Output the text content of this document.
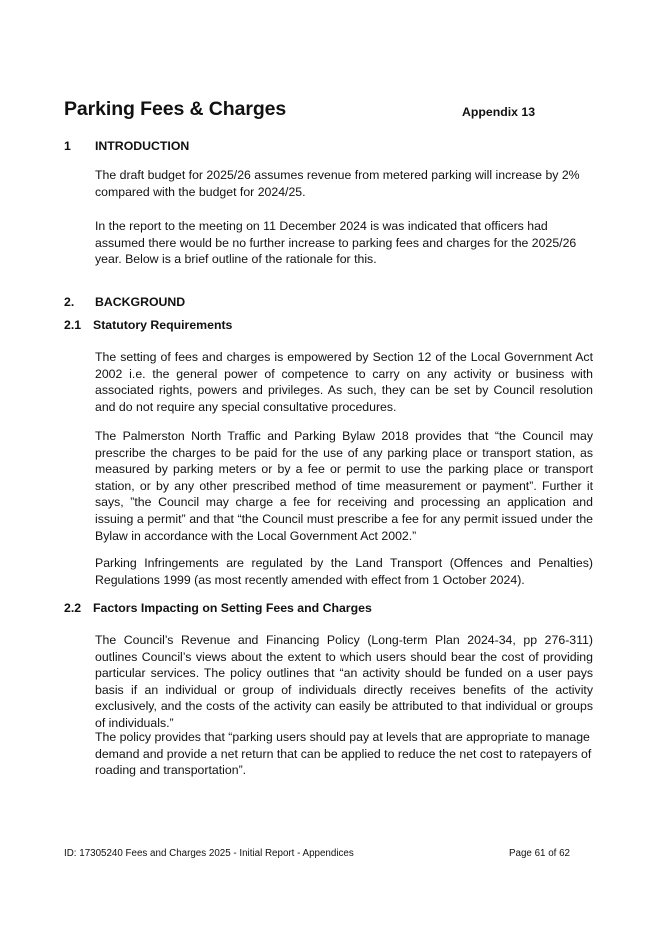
Parking Fees & Charges	Appendix 13
1 INTRODUCTION

The draft budget for 2025/26 assumes revenue from metered parking will increase by 2% compared with the budget for 2024/25.

In the report to the meeting on 11 December 2024 is was indicated that officers had assumed there would be no further increase to parking fees and charges for the 2025/26 year. Below is a brief outline of the rationale for this.

2. BACKGROUND
2.1 Statutory Requirements

The setting of fees and charges is empowered by Section 12 of the Local Government Act 2002 i.e. the general power of competence to carry on any activity or business with associated rights, powers and privileges. As such, they can be set by Council resolution and do not require any special consultative procedures.

The Palmerston North Traffic and Parking Bylaw 2018 provides that “the Council may prescribe the charges to be paid for the use of any parking place or transport station, as measured by parking meters or by a fee or permit to use the parking place or transport station, or by any other prescribed method of time measurement or payment”. Further it says, ”the Council may charge a fee for receiving and processing an application and issuing a permit” and that “the Council must prescribe a fee for any permit issued under the Bylaw in accordance with the Local Government Act 2002.”

Parking Infringements are regulated by the Land Transport (Offences and Penalties) Regulations 1999 (as most recently amended with effect from 1 October 2024).

2.2 Factors Impacting on Setting Fees and Charges

The Council’s Revenue and Financing Policy (Long-term Plan 2024-34, pp 276-311) outlines Council’s views about the extent to which users should bear the cost of providing particular services. The policy outlines that “an activity should be funded on a user pays basis if an individual or group of individuals directly receives benefits of the activity exclusively, and the costs of the activity can easily be attributed to that individual or groups of individuals.”

The policy provides that “parking users should pay at levels that are appropriate to manage demand and provide a net return that can be applied to reduce the net cost to ratepayers of roading and transportation”.

ID: 17305240 Fees and Charges 2025 - Initial Report - Appendices	Page 61 of 62
